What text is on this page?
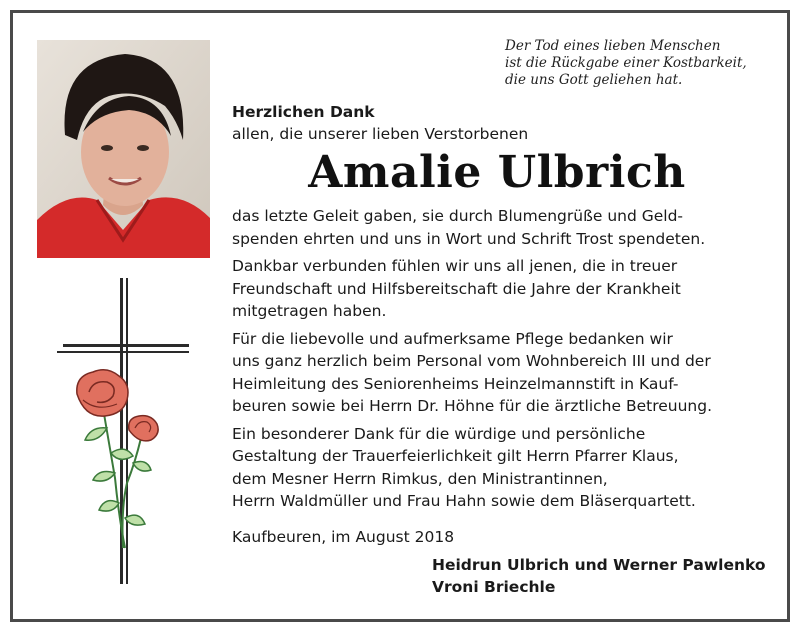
Der Tod eines lieben Menschen
ist die Rückgabe einer Kostbarkeit,
die uns Gott geliehen hat.
Herzlichen Dank
allen, die unserer lieben Verstorbenen
Amalie Ulbrich
das letzte Geleit gaben, sie durch Blumengrüße und Geld-
spenden ehrten und uns in Wort und Schrift Trost spendeten.
Dankbar verbunden fühlen wir uns all jenen, die in treuer
Freundschaft und Hilfsbereitschaft die Jahre der Krankheit
mitgetragen haben.
Für die liebevolle und aufmerksame Pflege bedanken wir
uns ganz herzlich beim Personal vom Wohnbereich III und der
Heimleitung des Seniorenheims Heinzelmannstift in Kauf-
beuren sowie bei Herrn Dr. Höhne für die ärztliche Betreuung.
Ein besonderer Dank für die würdige und persönliche
Gestaltung der Trauerfeierlichkeit gilt Herrn Pfarrer Klaus,
dem Mesner Herrn Rimkus, den Ministrantinnen,
Herrn Waldmüller und Frau Hahn sowie dem Bläserquartett.
Kaufbeuren, im August 2018
Heidrun Ulbrich und Werner Pawlenko
Vroni Briechle
